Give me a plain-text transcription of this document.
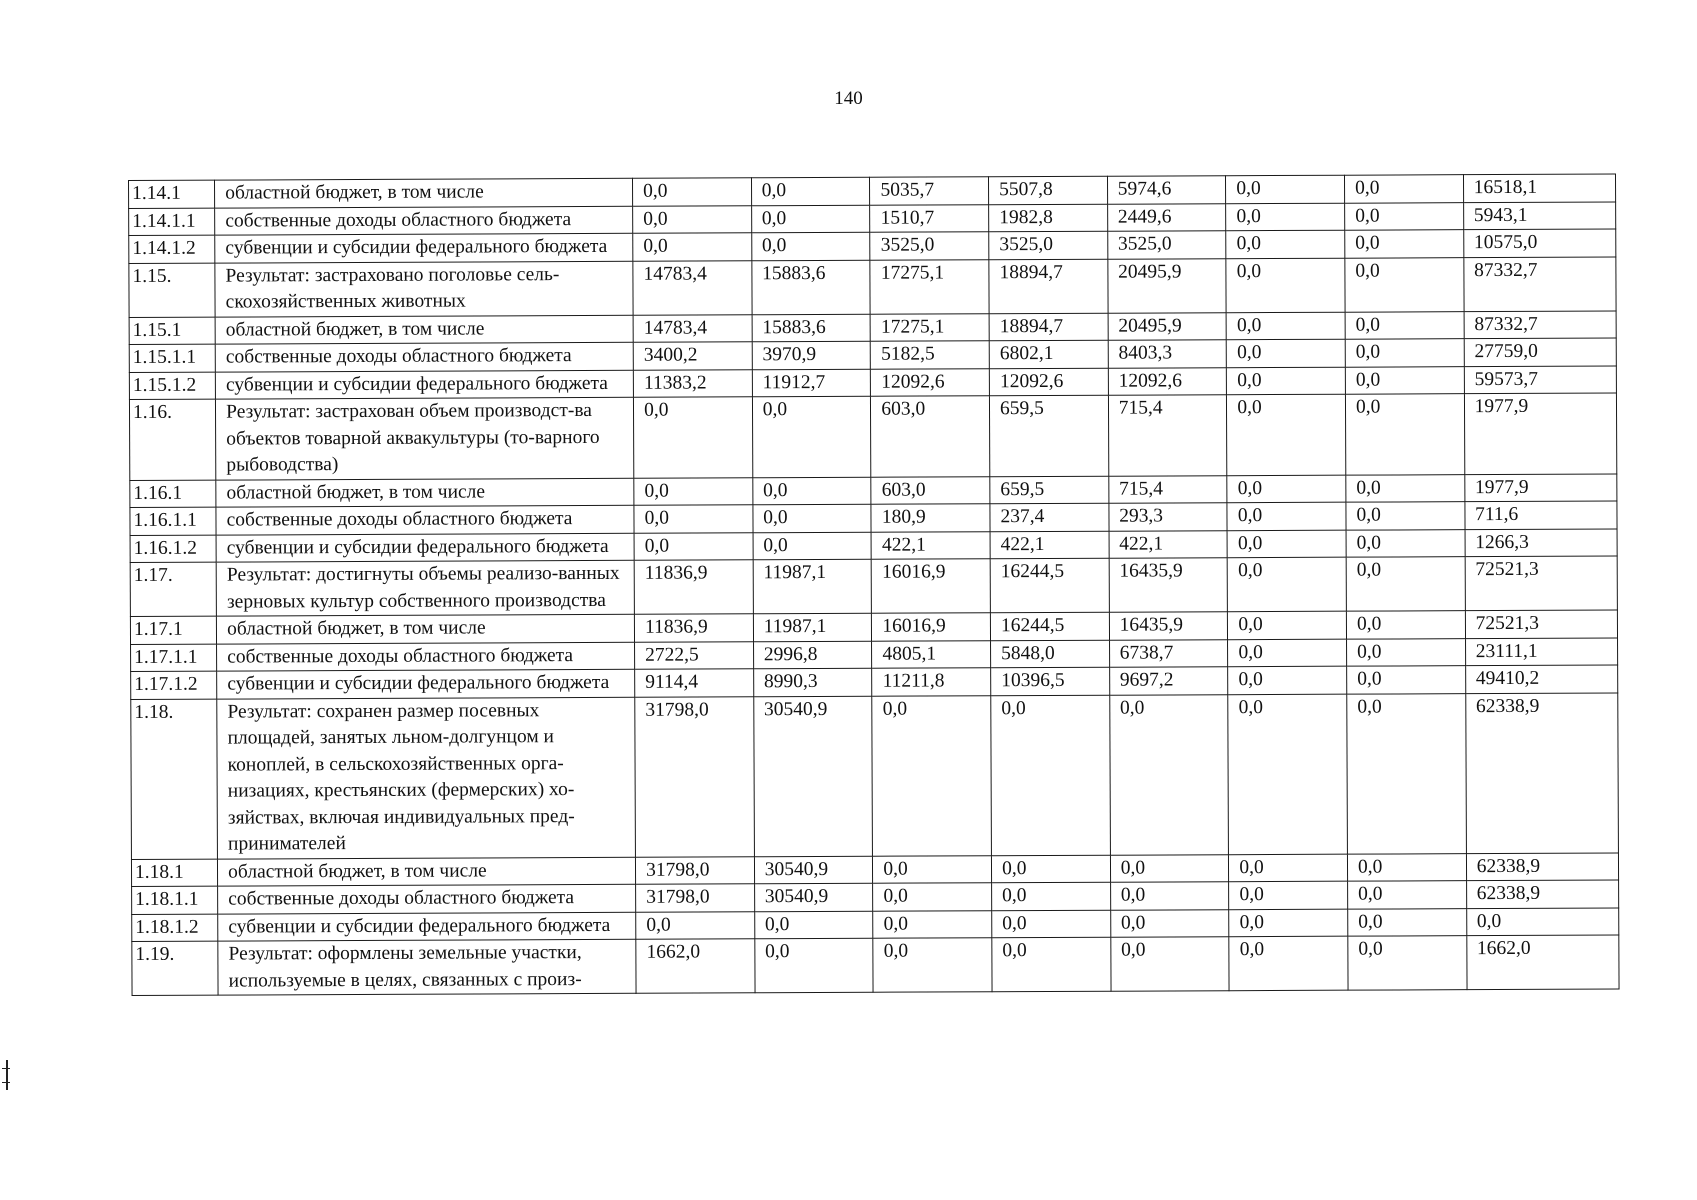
140
1.14.1	областной бюджет, в том числе	0,0	0,0	5035,7	5507,8	5974,6	0,0	0,0	16518,1
1.14.1.1	собственные доходы областного бюджета	0,0	0,0	1510,7	1982,8	2449,6	0,0	0,0	5943,1
1.14.1.2	субвенции и субсидии федерального бюджета	0,0	0,0	3525,0	3525,0	3525,0	0,0	0,0	10575,0
1.15.	Результат: застраховано поголовье сель-скохозяйственных животных	14783,4	15883,6	17275,1	18894,7	20495,9	0,0	0,0	87332,7
1.15.1	областной бюджет, в том числе	14783,4	15883,6	17275,1	18894,7	20495,9	0,0	0,0	87332,7
1.15.1.1	собственные доходы областного бюджета	3400,2	3970,9	5182,5	6802,1	8403,3	0,0	0,0	27759,0
1.15.1.2	субвенции и субсидии федерального бюджета	11383,2	11912,7	12092,6	12092,6	12092,6	0,0	0,0	59573,7
1.16.	Результат: застрахован объем производст-ва объектов товарной аквакультуры (то-варного рыбоводства)	0,0	0,0	603,0	659,5	715,4	0,0	0,0	1977,9
1.16.1	областной бюджет, в том числе	0,0	0,0	603,0	659,5	715,4	0,0	0,0	1977,9
1.16.1.1	собственные доходы областного бюджета	0,0	0,0	180,9	237,4	293,3	0,0	0,0	711,6
1.16.1.2	субвенции и субсидии федерального бюджета	0,0	0,0	422,1	422,1	422,1	0,0	0,0	1266,3
1.17.	Результат: достигнуты объемы реализо-ванных зерновых культур собственного производства	11836,9	11987,1	16016,9	16244,5	16435,9	0,0	0,0	72521,3
1.17.1	областной бюджет, в том числе	11836,9	11987,1	16016,9	16244,5	16435,9	0,0	0,0	72521,3
1.17.1.1	собственные доходы областного бюджета	2722,5	2996,8	4805,1	5848,0	6738,7	0,0	0,0	23111,1
1.17.1.2	субвенции и субсидии федерального бюджета	9114,4	8990,3	11211,8	10396,5	9697,2	0,0	0,0	49410,2
1.18.	Результат: сохранен размер посевных площадей, занятых льном-долгунцом и коноплей, в сельскохозяйственных орга-низациях, крестьянских (фермерских) хо-зяйствах, включая индивидуальных пред-принимателей	31798,0	30540,9	0,0	0,0	0,0	0,0	0,0	62338,9
1.18.1	областной бюджет, в том числе	31798,0	30540,9	0,0	0,0	0,0	0,0	0,0	62338,9
1.18.1.1	собственные доходы областного бюджета	31798,0	30540,9	0,0	0,0	0,0	0,0	0,0	62338,9
1.18.1.2	субвенции и субсидии федерального бюджета	0,0	0,0	0,0	0,0	0,0	0,0	0,0	0,0
1.19.	Результат: оформлены земельные участки, используемые в целях, связанных с произ-	1662,0	0,0	0,0	0,0	0,0	0,0	0,0	1662,0
